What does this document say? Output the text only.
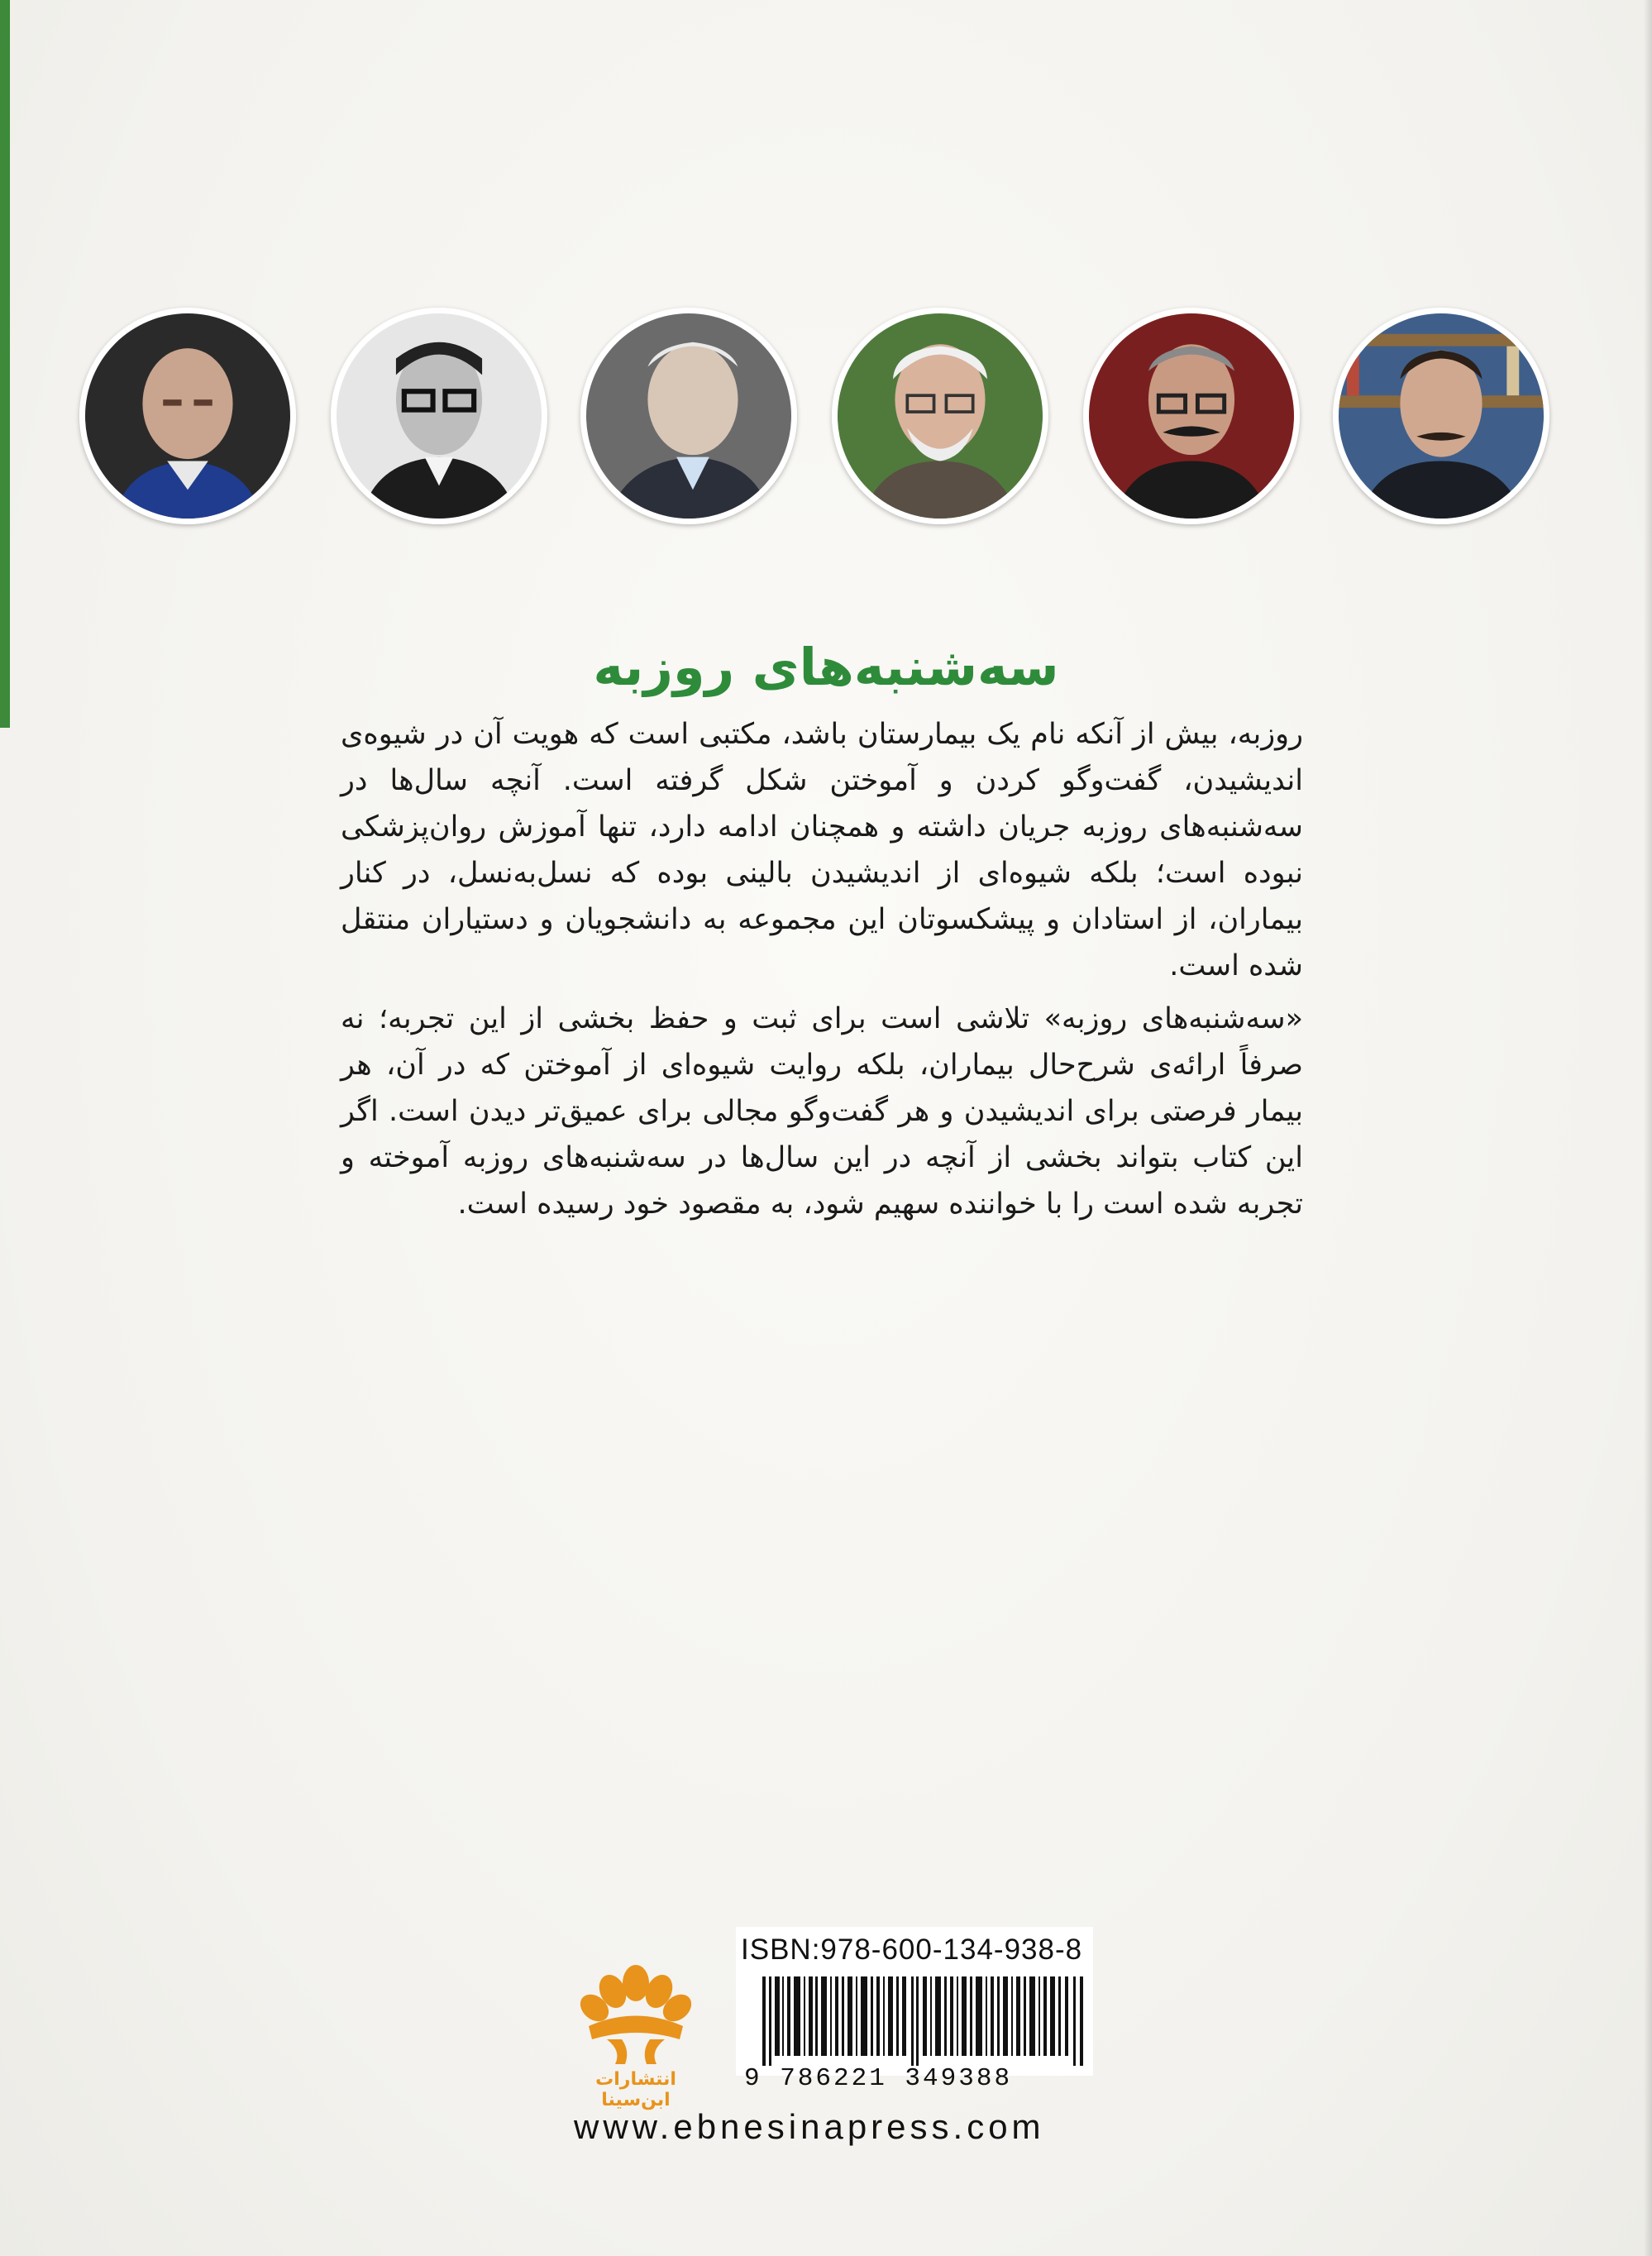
سه‌شنبه‌های روزبه

روزبه، بیش از آنکه نام یک بیمارستان باشد، مکتبی است که هویت آن در شیوه‌ی اندیشیدن، گفت‌وگو کردن و آموختن شکل گرفته است. آنچه سال‌ها در سه‌شنبه‌های روزبه جریان داشته و همچنان ادامه دارد، تنها آموزش روان‌پزشکی نبوده است؛ بلکه شیوه‌ای از اندیشیدن بالینی بوده که نسل‌به‌نسل، در کنار بیماران، از استادان و پیشکسوتان این مجموعه به دانشجویان و دستیاران منتقل شده است.

«سه‌شنبه‌های روزبه» تلاشی است برای ثبت و حفظ بخشی از این تجربه؛ نه صرفاً ارائه‌ی شرح‌حال بیماران، بلکه روایت شیوه‌ای از آموختن که در آن، هر بیمار فرصتی برای اندیشیدن و هر گفت‌وگو مجالی برای عمیق‌تر دیدن است. اگر این کتاب بتواند بخشی از آنچه در این سال‌ها در سه‌شنبه‌های روزبه آموخته و تجربه شده است را با خواننده سهیم شود، به مقصود خود رسیده است.

انتشارات ابن‌سینا
ISBN:978-600-134-938-8
9 786221 349388
www.ebnesinapress.com
